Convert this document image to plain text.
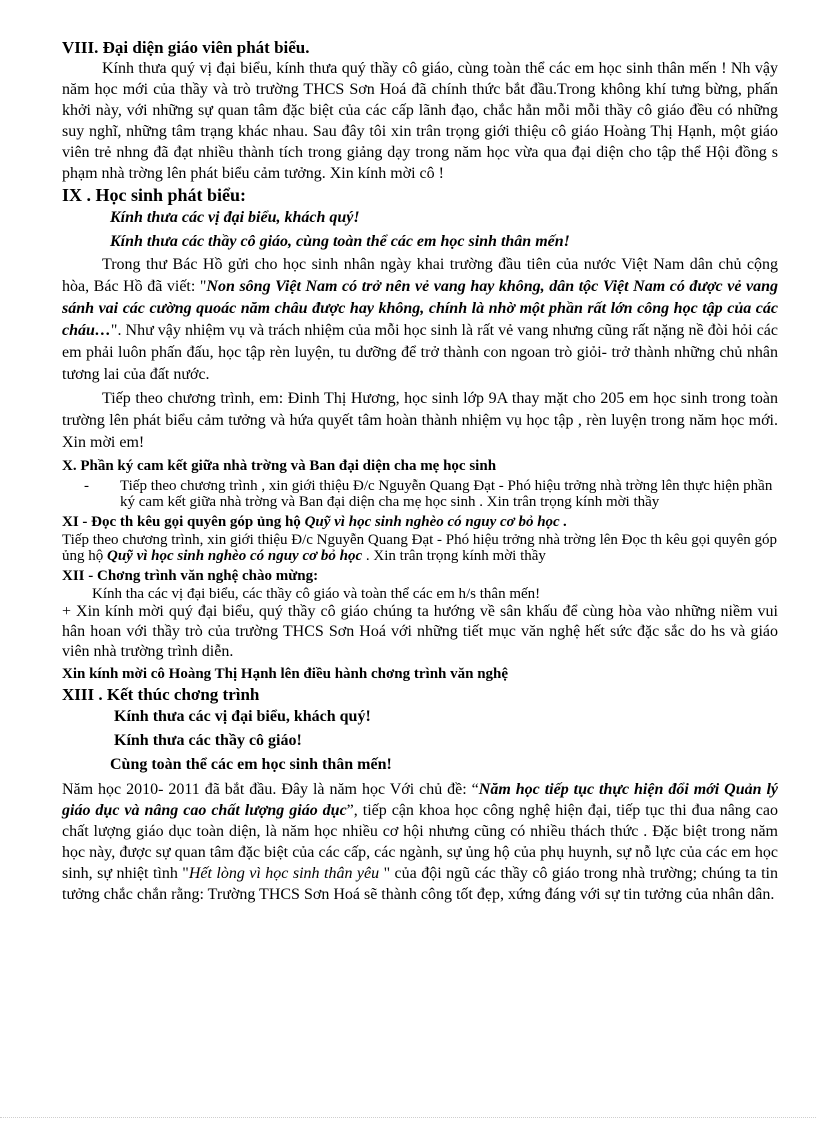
VIII. Đại diện giáo viên phát biểu.

Kính thưa quý vị đại biểu, kính thưa quý thầy cô giáo, cùng toàn thể các em học sinh thân mến ! Nh vậy năm học mới của thầy và trò trường THCS Sơn Hoá đã chính thức bắt đầu.Trong không khí tưng bừng, phấn khởi này, với những sự quan tâm đặc biệt của các cấp lãnh đạo, chắc hẳn mỗi mỗi thầy cô giáo đều có những suy nghĩ, những tâm trạng khác nhau. Sau đây tôi xin trân trọng giới thiệu cô giáo Hoàng Thị Hạnh, một giáo viên trẻ nhng đã đạt nhiều thành tích trong giảng dạy trong năm học vừa qua đại diện cho tập thể Hội đồng s phạm nhà trờng lên phát biểu cảm tưởng. Xin kính mời cô !

IX . Học sinh phát biểu:

Kính thưa các vị đại biểu, khách quý!

Kính thưa các thầy cô giáo, cùng toàn thể các em học sinh thân mến!

Trong thư Bác Hồ gửi cho học sinh nhân ngày khai trường đầu tiên của nước Việt Nam dân chủ cộng hòa, Bác Hồ đã viết: "Non sông Việt Nam có trở nên vẻ vang hay không, dân tộc Việt Nam có được vẻ vang sánh vai các cường quoác năm châu được hay không, chính là nhờ một phần rất lớn công học tập của các cháu…". Như vậy nhiệm vụ và trách nhiệm của mỗi học sinh là rất vẻ vang nhưng cũng rất nặng nề đòi hỏi các em phải luôn phấn đấu, học tập rèn luyện, tu dưỡng để trở thành con ngoan trò giỏi- trở thành những chủ nhân tương lai của đất nước.

Tiếp theo chương trình, em: Đinh Thị Hương, học sinh lớp 9A thay mặt cho 205 em học sinh trong toàn trường lên phát biểu cảm tưởng và hứa quyết tâm hoàn thành nhiệm vụ học tập , rèn luyện trong năm học mới. Xin mời em!

X. Phần ký cam kết giữa nhà trờng và Ban đại diện cha mẹ học sinh

- Tiếp theo chương trình , xin giới thiệu Đ/c Nguyễn Quang Đạt - Phó hiệu trởng nhà trờng lên thực hiện phần ký cam kết giữa nhà trờng và Ban đại diện cha mẹ học sinh . Xin trân trọng kính mời thầy

XI - Đọc th kêu gọi quyên góp ủng hộ Quỹ vì học sinh nghèo có nguy cơ bỏ học .

Tiếp theo chương trình, xin giới thiệu Đ/c Nguyễn Quang Đạt - Phó hiệu trởng nhà trờng lên Đọc th kêu gọi quyên góp ủng hộ Quỹ vì học sinh nghèo có nguy cơ bỏ học . Xin trân trọng kính mời thầy

XII - Chơng trình văn nghệ chào mừng:

Kính tha các vị đại biểu, các thầy cô giáo và toàn thể các em h/s thân mến!

+ Xin kính mời quý đại biểu, quý thầy cô giáo chúng ta hướng về sân khấu để cùng hòa vào những niềm vui hân hoan với thầy trò của trường THCS Sơn Hoá với những tiết mục văn nghệ hết sức đặc sắc do hs và giáo viên nhà trường trình diễn.

Xin kính mời cô Hoàng Thị Hạnh lên điều hành chơng trình văn nghệ

XIII . Kết thúc chơng trình

Kính thưa các vị đại biểu, khách quý!

Kính thưa các thầy cô giáo!

Cùng toàn thể các em học sinh thân mến!

Năm học 2010- 2011 đã bắt đầu. Đây là năm học Với chủ đề: “Năm học tiếp tục thực hiện đổi mới Quản lý giáo dục và nâng cao chất lượng giáo dục”, tiếp cận khoa học công nghệ hiện đại, tiếp tục thi đua nâng cao chất lượng giáo dục toàn diện, là năm học nhiều cơ hội nhưng cũng có nhiều thách thức . Đặc biệt trong năm học này, được sự quan tâm đặc biệt của các cấp, các ngành, sự ủng hộ của phụ huynh, sự nỗ lực của các em học sinh, sự nhiệt tình "Hết lòng vì học sinh thân yêu " của đội ngũ các thầy cô giáo trong nhà trường; chúng ta tin tưởng chắc chắn rằng: Trường THCS Sơn Hoá sẽ thành công tốt đẹp, xứng đáng với sự tin tưởng của nhân dân.
